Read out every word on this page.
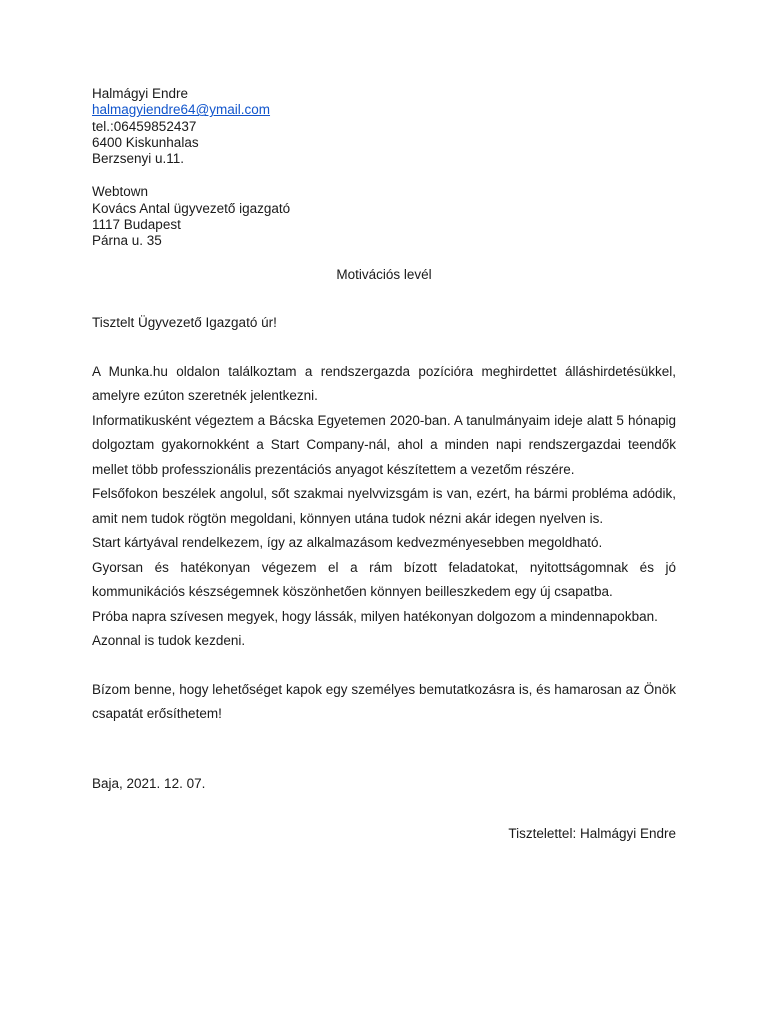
Halmágyi Endre
halmagyiendre64@ymail.com
tel.:06459852437
6400 Kiskunhalas
Berzsenyi u.11.
Webtown
Kovács Antal ügyvezető igazgató
1117 Budapest
Párna u. 35
Motivációs levél
Tisztelt Ügyvezető Igazgató úr!
A Munka.hu oldalon találkoztam a rendszergazda pozícióra meghirdettet álláshirdetésükkel, amelyre ezúton szeretnék jelentkezni.
Informatikusként végeztem a Bácska Egyetemen 2020-ban. A tanulmányaim ideje alatt 5 hónapig dolgoztam gyakornokként a Start Company-nál, ahol a minden napi rendszergazdai teendők mellet több professzionális prezentációs anyagot készítettem a vezetőm részére.
Felsőfokon beszélek angolul, sőt szakmai nyelvvizsgám is van, ezért, ha bármi probléma adódik, amit nem tudok rögtön megoldani, könnyen utána tudok nézni akár idegen nyelven is.
Start kártyával rendelkezem, így az alkalmazásom kedvezményesebben megoldható.
Gyorsan és hatékonyan végezem el a rám bízott feladatokat, nyitottságomnak és jó kommunikációs készségemnek köszönhetően könnyen beilleszkedem egy új csapatba.
Próba napra szívesen megyek, hogy lássák, milyen hatékonyan dolgozom a mindennapokban.
Azonnal is tudok kezdeni.
Bízom benne, hogy lehetőséget kapok egy személyes bemutatkozásra is, és hamarosan az Önök csapatát erősíthetem!
Baja, 2021. 12. 07.
Tisztelettel: Halmágyi Endre
